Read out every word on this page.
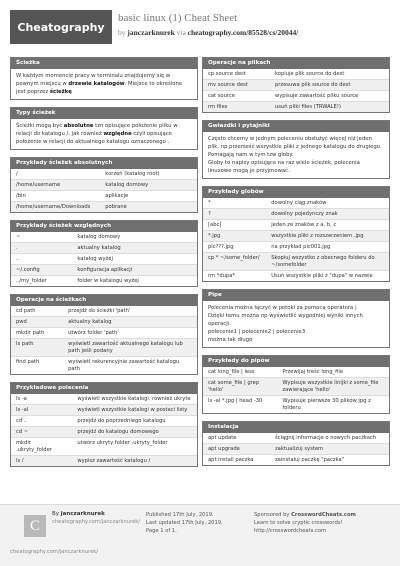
Cheatography
basic linux (1) Cheat Sheet
by janczarknurek via cheatography.com/85528/cs/20044/
Ścieżka
W każdym momencie pracy w terminalu znajdujemy się w pewnym miejscu w drzewie katalogów. Miejsce to określone jest poprzez ścieżkę
Typy ścieżek
Ścieżki mogą być absolutne tzn opisujące położenie pliku w relacji do katalogu /, jak również względne czyli opisujące położenie w relacji do aktualnego katalogu oznaczonego .
Przykłady ścieżek absolutnych
/	korzeń (katalog root)
/home/username	katalog domowy
/bin	aplikacje
/home/username/Downloads	pobrane
Przykłady ścieżek względnych
~	katalog domowy
.	aktualny katalog
..	katalog wyżej
~/.config	konfiguracja aplikacji
../my_folder	folder w katalogu wyżej
Operacje na ścieżkach
cd path	przejdź do ścieżki 'path'
pwd	aktualny katalog
mkdir path	utwórz folder 'path'
ls path	wyświetl zawartość aktualnego katalogu lub path jeśli podany
find path	wyświetl rekurencyjnie zawartość katalogu path
Przykładowe polecenia
ls -a	wyświetl wszystkie katalogi, również ukryte
ls -al	wyświetl wszystkie katalogi w postaci listy
cd ..	przejdź do poprzedniego katalogu
cd ~	przejdź do katalogu domowego
mkdir .ukryty_folder	utwórz ukryty folder .ukryty_folder
ls /	wypisz zawartość katalogu /
Operacje na plikach
cp source dest	kopiuje plik source do dest
mv source dest	przesuwa plik source do dest
cat source	wypisuje zawartość pliku source
rm files	usuń pliki files (TRWALE!)
Gwiazdki i pytajniki
Często chcemy w jednym poleceniu obsłużyć więcej niż jeden plik, np przenieść wszystkie pliki z jednego katalogu do drugiego. Pomagają nam w tym tzw globy.
Globy to napisy opisujące na raz wiele ścieżek, polecenia linuxowe mogą je przyjmować.
Przykłady globów
*	dowolny ciąg znaków
?	dowolny pojedynczy znak
[abc]	jeden ze znaków z a, b, c
*.jpg	wszystkie pliki z rozszerzeniem .jpg
pic???.jpg	na przykład pic001.jpg
cp * ~/some_folder/	Skopiuj wszystko z obecnego folderu do ~/somefolder
rm *dupa*	Usuń wszystkie pliki z "dupa" w nazwie
Pipe
Polecenia można łączyć w potoki za pomocą operatora |
Dzięki temu można np wyświetlić wygodniej wyniki innych operacji.
polecenie1 | polecenie2 | polecenie3
można tak długo
Przykłady do pipów
cat long_file | less	Przewijaj treść long_file
cat some_file | grep 'hello'	Wypisuje wszystkie linijki z some_file zawierające 'hello'
ls -al *.jpg | head -30	Wypisuje pierwsze 30 plików jpg z folderu
Instalacja
apt update	ściągnij informacje o nowych paczkach
apt upgrade	zaktualizuj system
apt install paczka	zainstaluj paczkę "paczka"
C
By janczarknurek
cheatography.com/janczarknurek/
Published 17th July, 2019.
Last updated 17th July, 2019.
Page 1 of 1.
Sponsored by CrosswordCheats.com
Learn to solve cryptic crosswords!
http://crosswordcheats.com
cheatography.com/janczarknurek/
